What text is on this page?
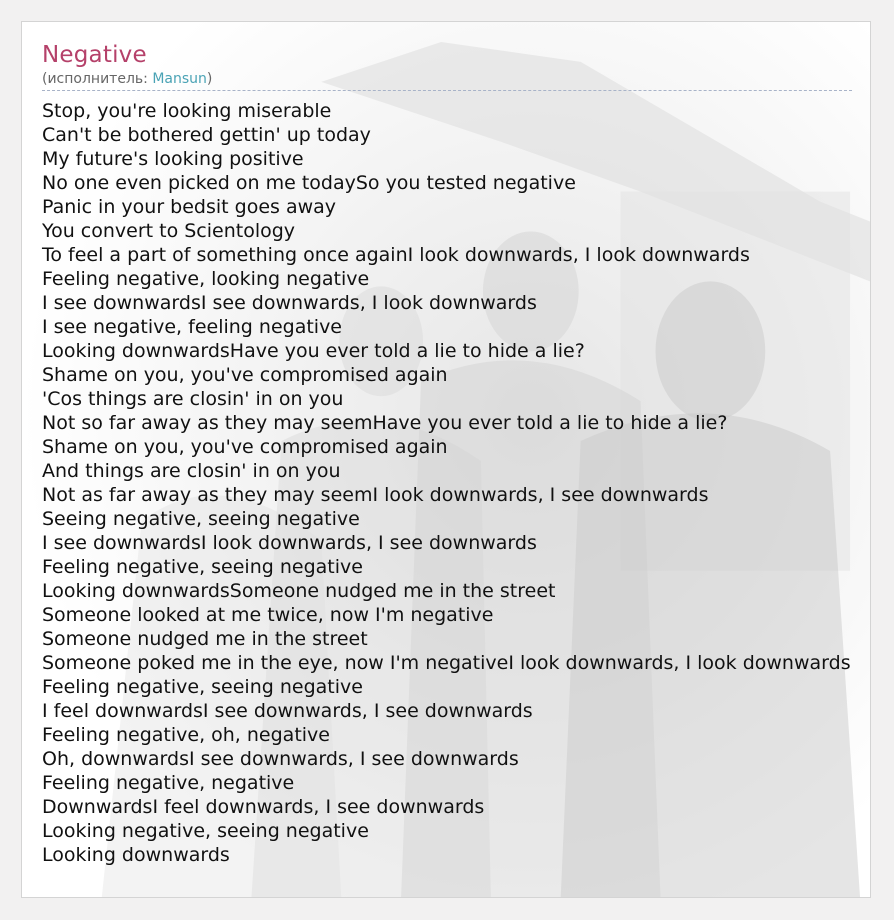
Negative
(исполнитель: Mansun)
Stop, you're looking miserable
Can't be bothered gettin' up today
My future's looking positive
No one even picked on me todaySo you tested negative
Panic in your bedsit goes away
You convert to Scientology
To feel a part of something once againI look downwards, I look downwards
Feeling negative, looking negative
I see downwardsI see downwards, I look downwards
I see negative, feeling negative
Looking downwardsHave you ever told a lie to hide a lie?
Shame on you, you've compromised again
'Cos things are closin' in on you
Not so far away as they may seemHave you ever told a lie to hide a lie?
Shame on you, you've compromised again
And things are closin' in on you
Not as far away as they may seemI look downwards, I see downwards
Seeing negative, seeing negative
I see downwardsI look downwards, I see downwards
Feeling negative, seeing negative
Looking downwardsSomeone nudged me in the street
Someone looked at me twice, now I'm negative
Someone nudged me in the street
Someone poked me in the eye, now I'm negativeI look downwards, I look downwards
Feeling negative, seeing negative
I feel downwardsI see downwards, I see downwards
Feeling negative, oh, negative
Oh, downwardsI see downwards, I see downwards
Feeling negative, negative
DownwardsI feel downwards, I see downwards
Looking negative, seeing negative
Looking downwards
